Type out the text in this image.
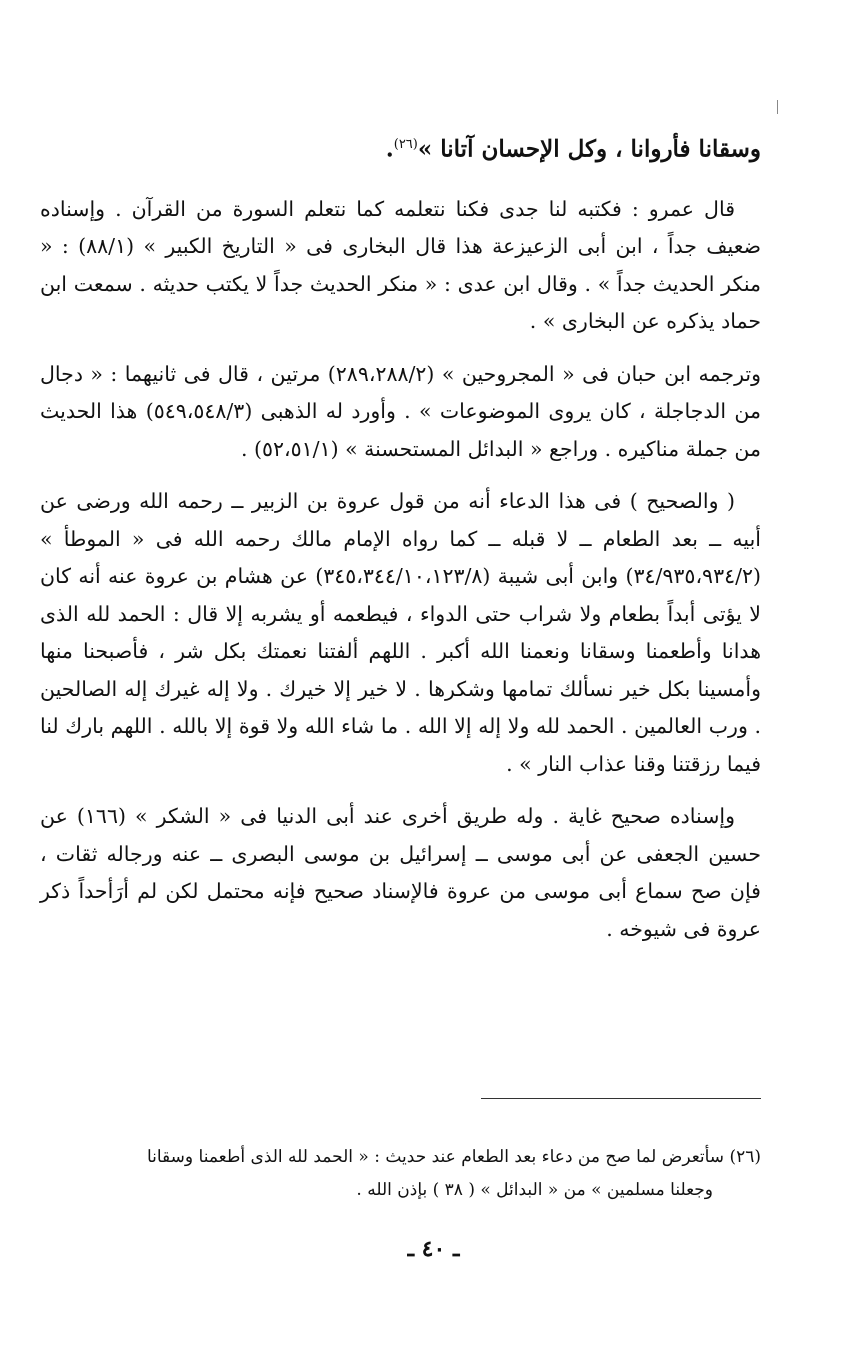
وسقانا فأروانا ، وكل الإحسان آتانا »$^{(٢٦)}$.

قال عمرو : فكتبه لنا جدى فكنا نتعلمه كما نتعلم السورة من القرآن . وإسناده ضعيف جداً ، ابن أبى الزعيزعة هذا قال البخارى فى « التاريخ الكبير » (٨٨/١) : « منكر الحديث جداً » . وقال ابن عدى : « منكر الحديث جداً لا يكتب حديثه . سمعت ابن حماد يذكره عن البخارى » .

وترجمه ابن حبان فى « المجروحين » (٢٨٩،٢٨٨/٢) مرتين ، قال فى ثانيهما : « دجال من الدجاجلة ، كان يروى الموضوعات » . وأورد له الذهبى (٥٤٩،٥٤٨/٣) هذا الحديث من جملة مناكيره . وراجع « البدائل المستحسنة » (٥٢،٥١/١) .

( والصحيح ) فى هذا الدعاء أنه من قول عروة بن الزبير ــ رحمه الله ورضى عن أبيه ــ بعد الطعام ــ لا قبله ــ كما رواه الإمام مالك رحمه الله فى « الموطأ » (٣٤/٩٣٥،٩٣٤/٢) وابن أبى شيبة (٣٤٥،٣٤٤/١٠،١٢٣/٨) عن هشام بن عروة عنه أنه كان لا يؤتى أبداً بطعام ولا شراب حتى الدواء ، فيطعمه أو يشربه إلا قال : الحمد لله الذى هدانا وأطعمنا وسقانا ونعمنا الله أكبر . اللهم ألفتنا نعمتك بكل شر ، فأصبحنا منها وأمسينا بكل خير نسألك تمامها وشكرها . لا خير إلا خيرك . ولا إله غيرك إله الصالحين . ورب العالمين . الحمد لله ولا إله إلا الله . ما شاء الله ولا قوة إلا بالله . اللهم بارك لنا فيما رزقتنا وقنا عذاب النار » .

وإسناده صحيح غاية . وله طريق أخرى عند أبى الدنيا فى « الشكر » (١٦٦) عن حسين الجعفى عن أبى موسى ــ إسرائيل بن موسى البصرى ــ عنه ورجاله ثقات ، فإن صح سماع أبى موسى من عروة فالإسناد صحيح فإنه محتمل لكن لم أرَأحداً ذكر عروة فى شيوخه .

(٢٦) سأتعرض لما صح من دعاء بعد الطعام عند حديث : « الحمد لله الذى أطعمنا وسقانا
وجعلنا مسلمين » من « البدائل » ( ٣٨ ) بإذن الله .
ـ ٤٠ ـ
